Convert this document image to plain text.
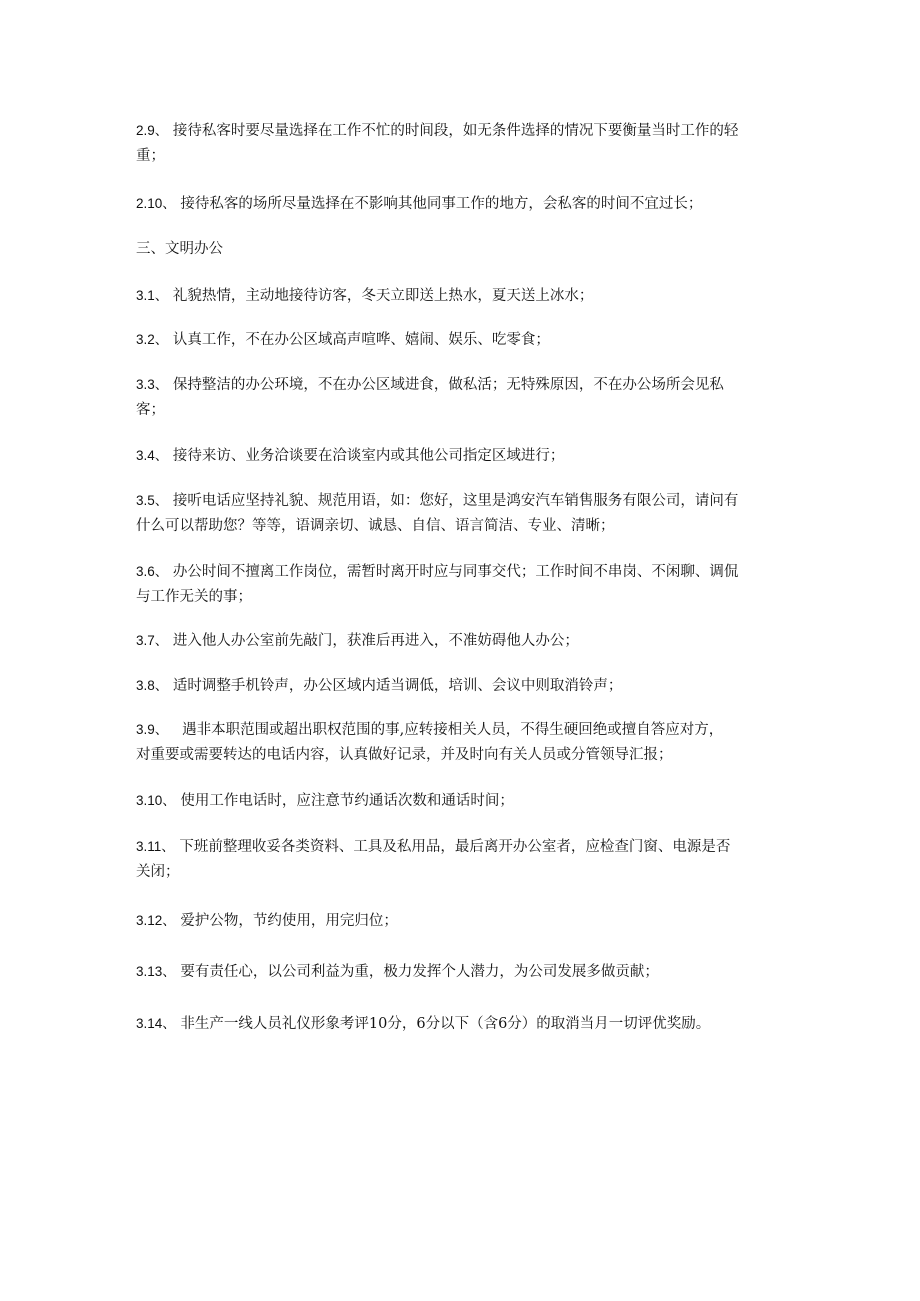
2.9、 接待私客时要尽量选择在工作不忙的时间段，如无条件选择的情况下要衡量当时工作的轻
重；
2.10、 接待私客的场所尽量选择在不影响其他同事工作的地方，会私客的时间不宜过长；
三、文明办公
3.1、 礼貌热情，主动地接待访客，冬天立即送上热水，夏天送上冰水；
3.2、 认真工作，不在办公区域高声喧哗、嬉闹、娱乐、吃零食；
3.3、 保持整洁的办公环境，不在办公区域进食，做私活；无特殊原因，不在办公场所会见私
客；
3.4、 接待来访、业务洽谈要在洽谈室内或其他公司指定区域进行；
3.5、 接听电话应坚持礼貌、规范用语，如：您好，这里是鸿安汽车销售服务有限公司，请问有
什么可以帮助您？等等，语调亲切、诚恳、自信、语言简洁、专业、清晰；
3.6、 办公时间不擅离工作岗位，需暂时离开时应与同事交代；工作时间不串岗、不闲聊、调侃
与工作无关的事；
3.7、 进入他人办公室前先敲门，获准后再进入，不准妨碍他人办公；
3.8、 适时调整手机铃声，办公区域内适当调低，培训、会议中则取消铃声；
3.9、   遇非本职范围或超出职权范围的事,应转接相关人员，不得生硬回绝或擅自答应对方，
对重要或需要转达的电话内容，认真做好记录，并及时向有关人员或分管领导汇报；
3.10、 使用工作电话时，应注意节约通话次数和通话时间；
3.11、 下班前整理收妥各类资料、工具及私用品，最后离开办公室者，应检查门窗、电源是否
关闭；
3.12、 爱护公物，节约使用，用完归位；
3.13、 要有责任心，以公司利益为重，极力发挥个人潜力，为公司发展多做贡献；
3.14、 非生产一线人员礼仪形象考评10分，6分以下（含6分）的取消当月一切评优奖励。
